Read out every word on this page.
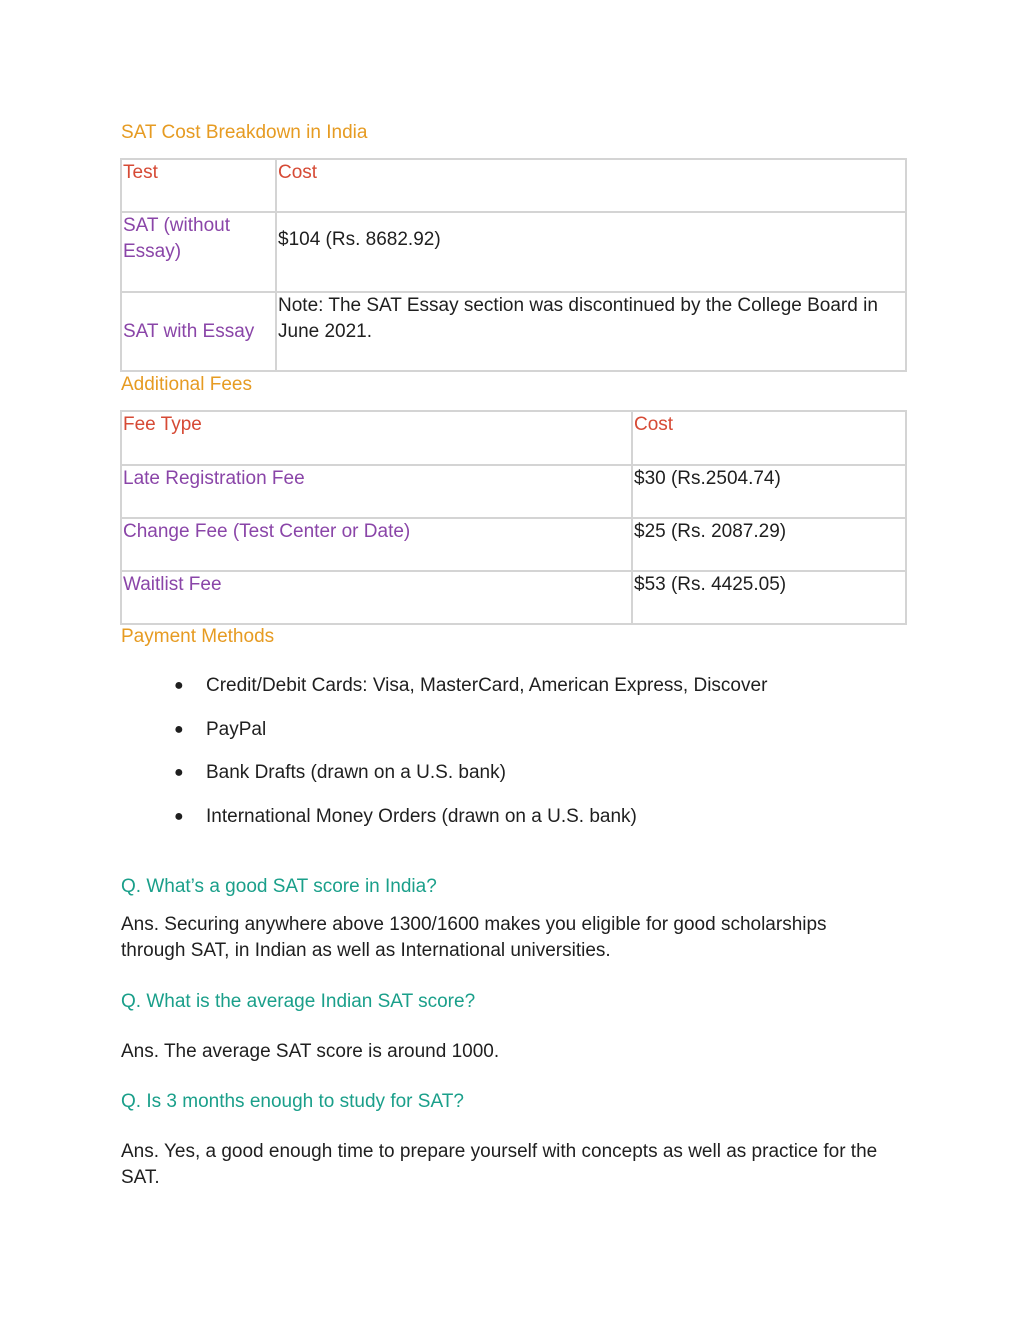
SAT Cost Breakdown in India
Test	Cost
SAT (without Essay)	$104 (Rs. 8682.92)
SAT with Essay	Note: The SAT Essay section was discontinued by the College Board in June 2021.
Additional Fees
Fee Type	Cost
Late Registration Fee	$30 (Rs.2504.74)
Change Fee (Test Center or Date)	$25 (Rs. 2087.29)
Waitlist Fee	$53 (Rs. 4425.05)
Payment Methods
● Credit/Debit Cards: Visa, MasterCard, American Express, Discover
● PayPal
● Bank Drafts (drawn on a U.S. bank)
● International Money Orders (drawn on a U.S. bank)
Q. What’s a good SAT score in India?
Ans. Securing anywhere above 1300/1600 makes you eligible for good scholarships through SAT, in Indian as well as International universities.
Q. What is the average Indian SAT score?
Ans. The average SAT score is around 1000.
Q. Is 3 months enough to study for SAT?
Ans. Yes, a good enough time to prepare yourself with concepts as well as practice for the SAT.
